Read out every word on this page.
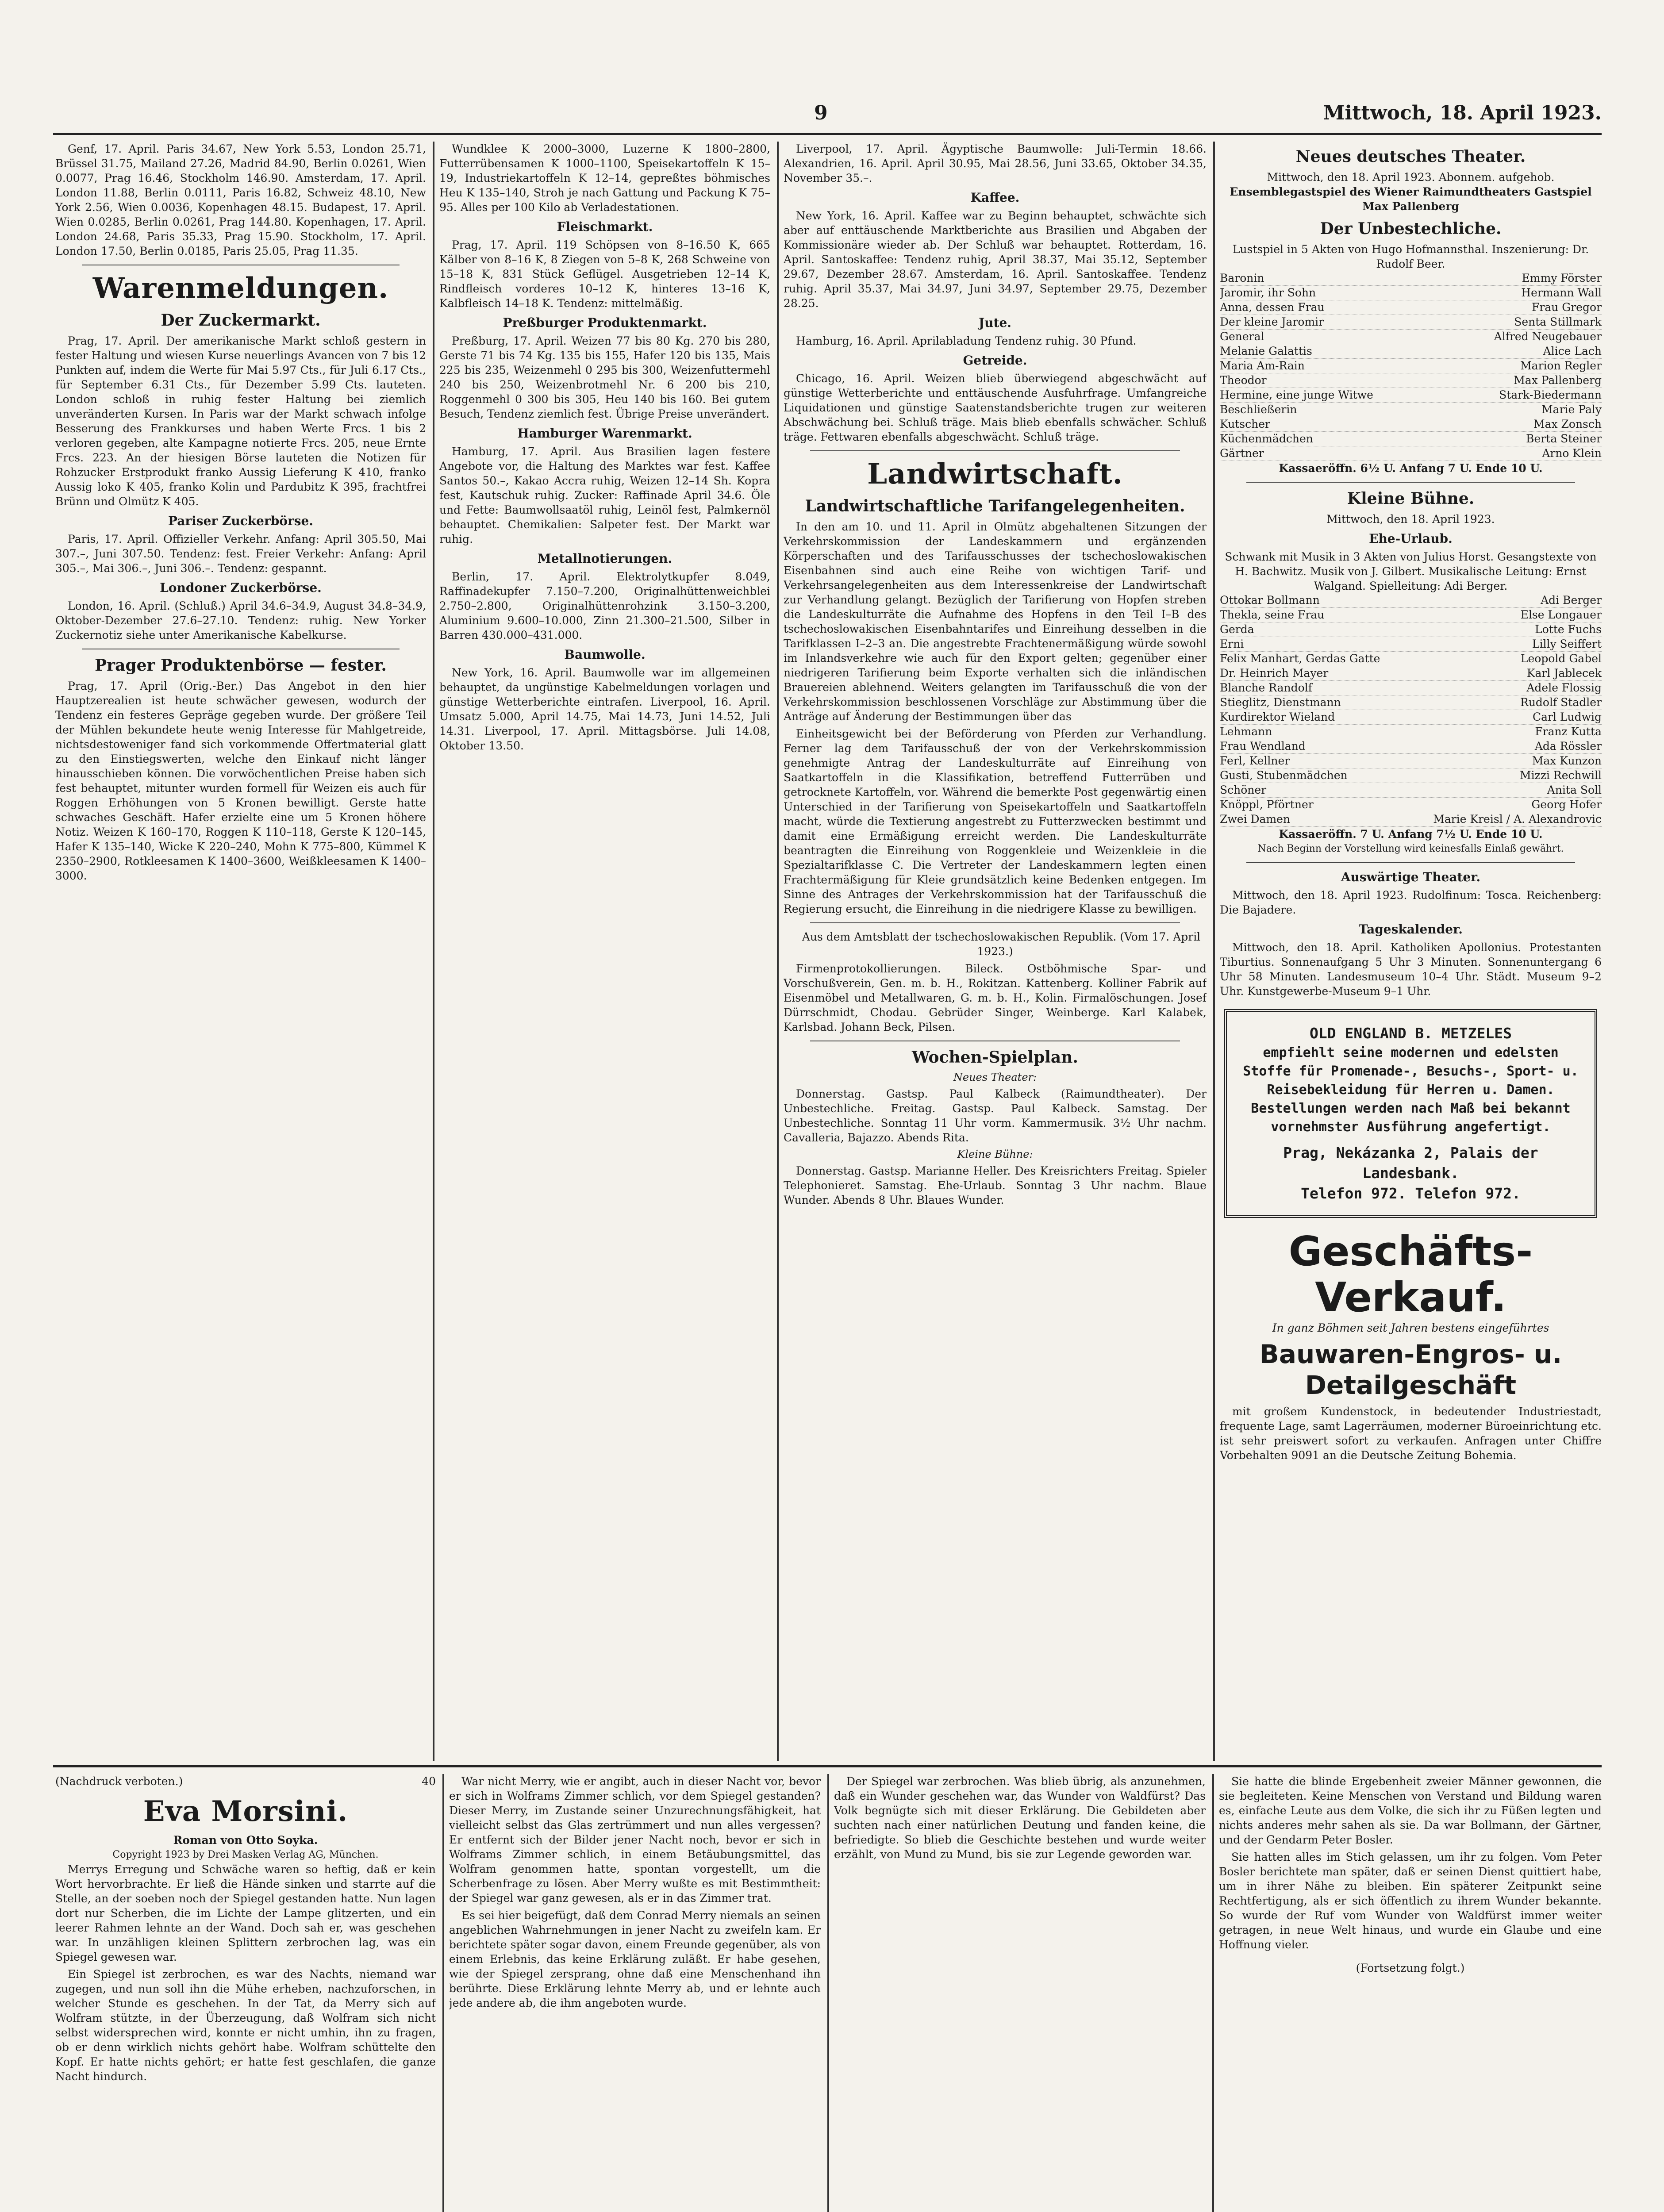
9	Mittwoch, 18. April 1923.

Genf, 17. April. Paris 34.67, New York 5.53, London 25.71, Brüssel 31.75, Mailand 27.26, Madrid 84.90, Berlin 0.0261, Wien 0.0077, Prag 16.46, Stockholm 146.90. Amsterdam, 17. April. London 11.88, Berlin 0.0111, Paris 16.82, Schweiz 48.10, New York 2.56, Wien 0.0036, Kopenhagen 48.15. Budapest, 17. April. Wien 0.0285, Berlin 0.0261, Prag 144.80. Kopenhagen, 17. April. London 24.68, Paris 35.33, Prag 15.90. Stockholm, 17. April. London 17.50, Berlin 0.0185, Paris 25.05, Prag 11.35.

Warenmeldungen.
Der Zuckermarkt.

Prag, 17. April. Der amerikanische Markt schloß gestern in fester Haltung und wiesen Kurse neuerlings Avancen von 7 bis 12 Punkten auf, indem die Werte für Mai 5.97 Cts., für Juli 6.17 Cts., für September 6.31 Cts., für Dezember 5.99 Cts. lauteten. London schloß in ruhig fester Haltung bei ziemlich unveränderten Kursen. In Paris war der Markt schwach infolge Besserung des Frankkurses und haben Werte Frcs. 1 bis 2 verloren gegeben, alte Kampagne notierte Frcs. 205, neue Ernte Frcs. 223. An der hiesigen Börse lauteten die Notizen für Rohzucker Erstprodukt franko Aussig Lieferung K 410, franko Aussig loko K 405, franko Kolin und Pardubitz K 395, frachtfrei Brünn und Olmütz K 405.

Pariser Zuckerbörse.

Paris, 17. April. Offizieller Verkehr. Anfang: April 305.50, Mai 307.–, Juni 307.50. Tendenz: fest. Freier Verkehr: Anfang: April 305.–, Mai 306.–, Juni 306.–. Tendenz: gespannt.

Londoner Zuckerbörse.

London, 16. April. (Schluß.) April 34.6–34.9, August 34.8–34.9, Oktober-Dezember 27.6–27.10. Tendenz: ruhig. New Yorker Zuckernotiz siehe unter Amerikanische Kabelkurse.

Prager Produktenbörse — fester.

Prag, 17. April (Orig.-Ber.) Das Angebot in den hier Hauptzerealien ist heute schwächer gewesen, wodurch der Tendenz ein festeres Gepräge gegeben wurde. Der größere Teil der Mühlen bekundete heute wenig Interesse für Mahlgetreide, nichtsdestoweniger fand sich vorkommende Offertmaterial glatt zu den Einstiegswerten, welche den Einkauf nicht länger hinausschieben können. Die vorwöchentlichen Preise haben sich fest behauptet, mitunter wurden formell für Weizen eis auch für Roggen Erhöhungen von 5 Kronen bewilligt. Gerste hatte schwaches Geschäft. Hafer erzielte eine um 5 Kronen höhere Notiz. Weizen K 160–170, Roggen K 110–118, Gerste K 120–145, Hafer K 135–140, Wicke K 220–240, Mohn K 775–800, Kümmel K 2350–2900, Rotkleesamen K 1400–3600, Weißkleesamen K 1400–3000.

Wundklee K 2000–3000, Luzerne K 1800–2800, Futterrübensamen K 1000–1100, Speisekartoffeln K 15–19, Industriekartoffeln K 12–14, gepreßtes böhmisches Heu K 135–140, Stroh je nach Gattung und Packung K 75–95. Alles per 100 Kilo ab Verladestationen.

Fleischmarkt.

Prag, 17. April. 119 Schöpsen von 8–16.50 K, 665 Kälber von 8–16 K, 8 Ziegen von 5–8 K, 268 Schweine von 15–18 K, 831 Stück Geflügel. Ausgetrieben 12–14 K, Rindfleisch vorderes 10–12 K, hinteres 13–16 K, Kalbfleisch 14–18 K. Tendenz: mittelmäßig.

Preßburger Produktenmarkt.

Preßburg, 17. April. Weizen 77 bis 80 Kg. 270 bis 280, Gerste 71 bis 74 Kg. 135 bis 155, Hafer 120 bis 135, Mais 225 bis 235, Weizenmehl 0 295 bis 300, Weizenfuttermehl 240 bis 250, Weizenbrotmehl Nr. 6 200 bis 210, Roggenmehl 0 300 bis 305, Heu 140 bis 160. Bei gutem Besuch, Tendenz ziemlich fest. Übrige Preise unverändert.

Hamburger Warenmarkt.

Hamburg, 17. April. Aus Brasilien lagen festere Angebote vor, die Haltung des Marktes war fest. Kaffee Santos 50.–, Kakao Accra ruhig, Weizen 12–14 Sh. Kopra fest, Kautschuk ruhig. Zucker: Raffinade April 34.6. Öle und Fette: Baumwollsaatöl ruhig, Leinöl fest, Palmkernöl behauptet. Chemikalien: Salpeter fest. Der Markt war ruhig.

Metallnotierungen.

Berlin, 17. April. Elektrolytkupfer 8.049, Raffinadekupfer 7.150–7.200, Originalhüttenweichblei 2.750–2.800, Originalhüttenrohzink 3.150–3.200, Aluminium 9.600–10.000, Zinn 21.300–21.500, Silber in Barren 430.000–431.000.

Baumwolle.

New York, 16. April. Baumwolle war im allgemeinen behauptet, da ungünstige Kabelmeldungen vorlagen und günstige Wetterberichte eintrafen. Liverpool, 16. April. Umsatz 5.000, April 14.75, Mai 14.73, Juni 14.52, Juli 14.31. Liverpool, 17. April. Mittagsbörse. Juli 14.08, Oktober 13.50.

Liverpool, 17. April. Ägyptische Baumwolle: Juli-Termin 18.66. Alexandrien, 16. April. April 30.95, Mai 28.56, Juni 33.65, Oktober 34.35, November 35.–.

Kaffee.

New York, 16. April. Kaffee war zu Beginn behauptet, schwächte sich aber auf enttäuschende Marktberichte aus Brasilien und Abgaben der Kommissionäre wieder ab. Der Schluß war behauptet. Rotterdam, 16. April. Santoskaffee: Tendenz ruhig, April 38.37, Mai 35.12, September 29.67, Dezember 28.67. Amsterdam, 16. April. Santoskaffee. Tendenz ruhig. April 35.37, Mai 34.97, Juni 34.97, September 29.75, Dezember 28.25.

Jute.

Hamburg, 16. April. Aprilabladung Tendenz ruhig. 30 Pfund.

Getreide.

Chicago, 16. April. Weizen blieb überwiegend abgeschwächt auf günstige Wetterberichte und enttäuschende Ausfuhrfrage. Umfangreiche Liquidationen und günstige Saatenstandsberichte trugen zur weiteren Abschwächung bei. Schluß träge. Mais blieb ebenfalls schwächer. Schluß träge. Fettwaren ebenfalls abgeschwächt. Schluß träge.

Landwirtschaft.
Landwirtschaftliche Tarifangelegenheiten.

In den am 10. und 11. April in Olmütz abgehaltenen Sitzungen der Verkehrskommission der Landeskammern und ergänzenden Körperschaften und des Tarifausschusses der tschechoslowakischen Eisenbahnen sind auch eine Reihe von wichtigen Tarif- und Verkehrsangelegenheiten aus dem Interessenkreise der Landwirtschaft zur Verhandlung gelangt. Bezüglich der Tarifierung von Hopfen streben die Landeskulturräte die Aufnahme des Hopfens in den Teil I–B des tschechoslowakischen Eisenbahntarifes und Einreihung desselben in die Tarifklassen I–2–3 an. Die angestrebte Frachtenermäßigung würde sowohl im Inlandsverkehre wie auch für den Export gelten; gegenüber einer niedrigeren Tarifierung beim Exporte verhalten sich die inländischen Brauereien ablehnend. Weiters gelangten im Tarifausschuß die von der Verkehrskommission beschlossenen Vorschläge zur Abstimmung über die Anträge auf Änderung der Bestimmungen über das

Einheitsgewicht bei der Beförderung von Pferden zur Verhandlung. Ferner lag dem Tarifausschuß der von der Verkehrskommission genehmigte Antrag der Landeskulturräte auf Einreihung von Saatkartoffeln in die Klassifikation, betreffend Futterrüben und getrocknete Kartoffeln, vor. Während die bemerkte Post gegenwärtig einen Unterschied in der Tarifierung von Speisekartoffeln und Saatkartoffeln macht, würde die Textierung angestrebt zu Futterzwecken bestimmt und damit eine Ermäßigung erreicht werden. Die Landeskulturräte beantragten die Einreihung von Roggenkleie und Weizenkleie in die Spezialtarifklasse C. Die Vertreter der Landeskammern legten einen Frachtermäßigung für Kleie grundsätzlich keine Bedenken entgegen. Im Sinne des Antrages der Verkehrskommission hat der Tarifausschuß die Regierung ersucht, die Einreihung in die niedrigere Klasse zu bewilligen.

Aus dem Amtsblatt der tschechoslowakischen Republik. (Vom 17. April 1923.)

Firmenprotokollierungen. Bileck. Ostböhmische Spar- und Vorschußverein, Gen. m. b. H., Rokitzan. Kattenberg. Kolliner Fabrik auf Eisenmöbel und Metallwaren, G. m. b. H., Kolin. Firmalöschungen. Josef Dürrschmidt, Chodau. Gebrüder Singer, Weinberge. Karl Kalabek, Karlsbad. Johann Beck, Pilsen.

Wochen-Spielplan.
Neues Theater:

Donnerstag. Gastsp. Paul Kalbeck (Raimundtheater). Der Unbestechliche. Freitag. Gastsp. Paul Kalbeck. Samstag. Der Unbestechliche. Sonntag 11 Uhr vorm. Kammermusik. 3½ Uhr nachm. Cavalleria, Bajazzo. Abends Rita.

Kleine Bühne:

Donnerstag. Gastsp. Marianne Heller. Des Kreisrichters Freitag. Spieler Telephonieret. Samstag. Ehe-Urlaub. Sonntag 3 Uhr nachm. Blaue Wunder. Abends 8 Uhr. Blaues Wunder.

Neues deutsches Theater.
Mittwoch, den 18. April 1923. Abonnem. aufgehob.
Ensemblegastspiel des Wiener Raimundtheaters Gastspiel Max Pallenberg
Der Unbestechliche.
Lustspiel in 5 Akten von Hugo Hofmannsthal. Inszenierung: Dr. Rudolf Beer.
Baronin	Emmy Förster
Jaromir, ihr Sohn	Hermann Wall
Anna, dessen Frau	Frau Gregor
Der kleine Jaromir	Senta Stillmark
General	Alfred Neugebauer
Melanie Galattis	Alice Lach
Maria Am-Rain	Marion Regler
Theodor	Max Pallenberg
Hermine, eine junge Witwe	Stark-Biedermann
Beschließerin	Marie Paly
Kutscher	Max Zonsch
Küchenmädchen	Berta Steiner
Gärtner	Arno Klein
Kassaeröffn. 6½ U. Anfang 7 U. Ende 10 U.
Kleine Bühne.
Mittwoch, den 18. April 1923.
Ehe-Urlaub.
Schwank mit Musik in 3 Akten von Julius Horst. Gesangstexte von H. Bachwitz. Musik von J. Gilbert. Musikalische Leitung: Ernst Walgand. Spielleitung: Adi Berger.
Ottokar Bollmann	Adi Berger
Thekla, seine Frau	Else Longauer
Gerda	Lotte Fuchs
Erni	Lilly Seiffert
Felix Manhart, Gerdas Gatte	Leopold Gabel
Dr. Heinrich Mayer	Karl Jablecek
Blanche Randolf	Adele Flossig
Stieglitz, Dienstmann	Rudolf Stadler
Kurdirektor Wieland	Carl Ludwig
Lehmann	Franz Kutta
Frau Wendland	Ada Rössler
Ferl, Kellner	Max Kunzon
Gusti, Stubenmädchen	Mizzi Rechwill
Schöner	Anita Soll
Knöppl, Pförtner	Georg Hofer
Zwei Damen	Marie Kreisl / A. Alexandrovic
Kassaeröffn. 7 U. Anfang 7½ U. Ende 10 U.
Nach Beginn der Vorstellung wird keinesfalls Einlaß gewährt.
Auswärtige Theater.

Mittwoch, den 18. April 1923. Rudolfinum: Tosca. Reichenberg: Die Bajadere.

Tageskalender.

Mittwoch, den 18. April. Katholiken Apollonius. Protestanten Tiburtius. Sonnenaufgang 5 Uhr 3 Minuten. Sonnenuntergang 6 Uhr 58 Minuten. Landesmuseum 10–4 Uhr. Städt. Museum 9–2 Uhr. Kunstgewerbe-Museum 9–1 Uhr.

OLD ENGLAND B. METZELES
empfiehlt seine modernen und edelsten Stoffe für Promenade-, Besuchs-, Sport- u. Reisebekleidung für Herren u. Damen. Bestellungen werden nach Maß bei bekannt vornehmster Ausführung angefertigt.
Prag, Nekázanka 2, Palais der Landesbank.
Telefon 972. Telefon 972.
Geschäfts-Verkauf.
In ganz Böhmen seit Jahren bestens eingeführtes
Bauwaren-Engros- u. Detailgeschäft

mit großem Kundenstock, in bedeutender Industriestadt, frequente Lage, samt Lagerräumen, moderner Büroeinrichtung etc. ist sehr preiswert sofort zu verkaufen. Anfragen unter Chiffre Vorbehalten 9091 an die Deutsche Zeitung Bohemia.

(Nachdruck verboten.)	40
Eva Morsini.
Roman von Otto Soyka.
Copyright 1923 by Drei Masken Verlag AG, München.

Merrys Erregung und Schwäche waren so heftig, daß er kein Wort hervorbrachte. Er ließ die Hände sinken und starrte auf die Stelle, an der soeben noch der Spiegel gestanden hatte. Nun lagen dort nur Scherben, die im Lichte der Lampe glitzerten, und ein leerer Rahmen lehnte an der Wand. Doch sah er, was geschehen war. In unzähligen kleinen Splittern zerbrochen lag, was ein Spiegel gewesen war.

Ein Spiegel ist zerbrochen, es war des Nachts, niemand war zugegen, und nun soll ihn die Mühe erheben, nachzuforschen, in welcher Stunde es geschehen. In der Tat, da Merry sich auf Wolfram stützte, in der Überzeugung, daß Wolfram sich nicht selbst widersprechen wird, konnte er nicht umhin, ihn zu fragen, ob er denn wirklich nichts gehört habe. Wolfram schüttelte den Kopf. Er hatte nichts gehört; er hatte fest geschlafen, die ganze Nacht hindurch.

War nicht Merry, wie er angibt, auch in dieser Nacht vor, bevor er sich in Wolframs Zimmer schlich, vor dem Spiegel gestanden? Dieser Merry, im Zustande seiner Unzurechnungsfähigkeit, hat vielleicht selbst das Glas zertrümmert und nun alles vergessen? Er entfernt sich der Bilder jener Nacht noch, bevor er sich in Wolframs Zimmer schlich, in einem Betäubungsmittel, das Wolfram genommen hatte, spontan vorgestellt, um die Scherbenfrage zu lösen. Aber Merry wußte es mit Bestimmtheit: der Spiegel war ganz gewesen, als er in das Zimmer trat.

Es sei hier beigefügt, daß dem Conrad Merry niemals an seinen angeblichen Wahrnehmungen in jener Nacht zu zweifeln kam. Er berichtete später sogar davon, einem Freunde gegenüber, als von einem Erlebnis, das keine Erklärung zuläßt. Er habe gesehen, wie der Spiegel zersprang, ohne daß eine Menschenhand ihn berührte. Diese Erklärung lehnte Merry ab, und er lehnte auch jede andere ab, die ihm angeboten wurde.

Der Spiegel war zerbrochen. Was blieb übrig, als anzunehmen, daß ein Wunder geschehen war, das Wunder von Waldfürst? Das Volk begnügte sich mit dieser Erklärung. Die Gebildeten aber suchten nach einer natürlichen Deutung und fanden keine, die befriedigte. So blieb die Geschichte bestehen und wurde weiter erzählt, von Mund zu Mund, bis sie zur Legende geworden war.

Sie hatte die blinde Ergebenheit zweier Männer gewonnen, die sie begleiteten. Keine Menschen von Verstand und Bildung waren es, einfache Leute aus dem Volke, die sich ihr zu Füßen legten und nichts anderes mehr sahen als sie. Da war Bollmann, der Gärtner, und der Gendarm Peter Bosler.

Sie hatten alles im Stich gelassen, um ihr zu folgen. Vom Peter Bosler berichtete man später, daß er seinen Dienst quittiert habe, um in ihrer Nähe zu bleiben. Ein späterer Zeitpunkt seine Rechtfertigung, als er sich öffentlich zu ihrem Wunder bekannte. So wurde der Ruf vom Wunder von Waldfürst immer weiter getragen, in neue Welt hinaus, und wurde ein Glaube und eine Hoffnung vieler.

(Fortsetzung folgt.)
